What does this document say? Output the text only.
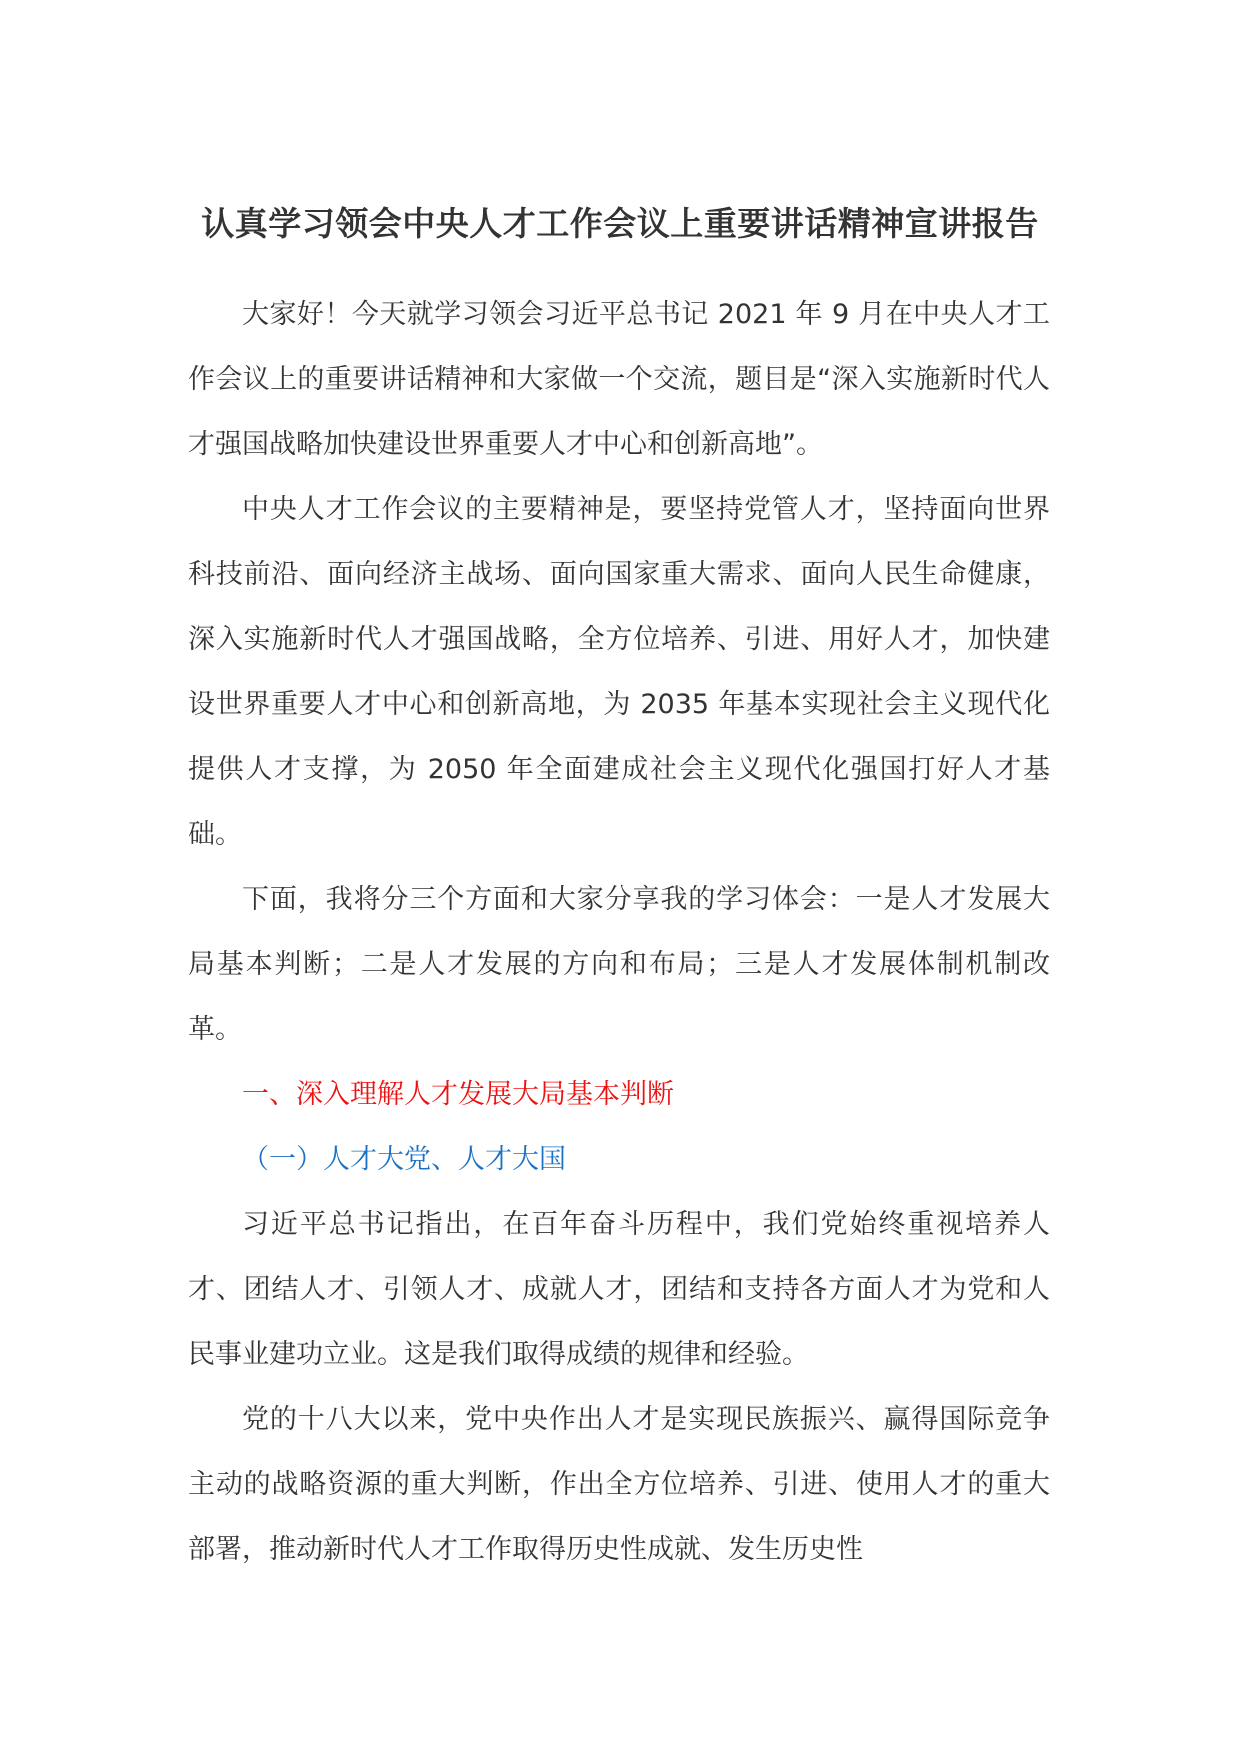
认真学习领会中央人才工作会议上重要讲话精神宣讲报告

大家好！今天就学习领会习近平总书记 2021 年 9 月在中央人才工作会议上的重要讲话精神和大家做一个交流，题目是“深入实施新时代人才强国战略加快建设世界重要人才中心和创新高地”。

中央人才工作会议的主要精神是，要坚持党管人才，坚持面向世界科技前沿、面向经济主战场、面向国家重大需求、面向人民生命健康，深入实施新时代人才强国战略，全方位培养、引进、用好人才，加快建设世界重要人才中心和创新高地，为 2035 年基本实现社会主义现代化提供人才支撑，为 2050 年全面建成社会主义现代化强国打好人才基础。

下面，我将分三个方面和大家分享我的学习体会：一是人才发展大局基本判断；二是人才发展的方向和布局；三是人才发展体制机制改革。

一、深入理解人才发展大局基本判断

（一）人才大党、人才大国

习近平总书记指出，在百年奋斗历程中，我们党始终重视培养人才、团结人才、引领人才、成就人才，团结和支持各方面人才为党和人民事业建功立业。这是我们取得成绩的规律和经验。

党的十八大以来，党中央作出人才是实现民族振兴、赢得国际竞争主动的战略资源的重大判断，作出全方位培养、引进、使用人才的重大部署，推动新时代人才工作取得历史性成就、发生历史性
